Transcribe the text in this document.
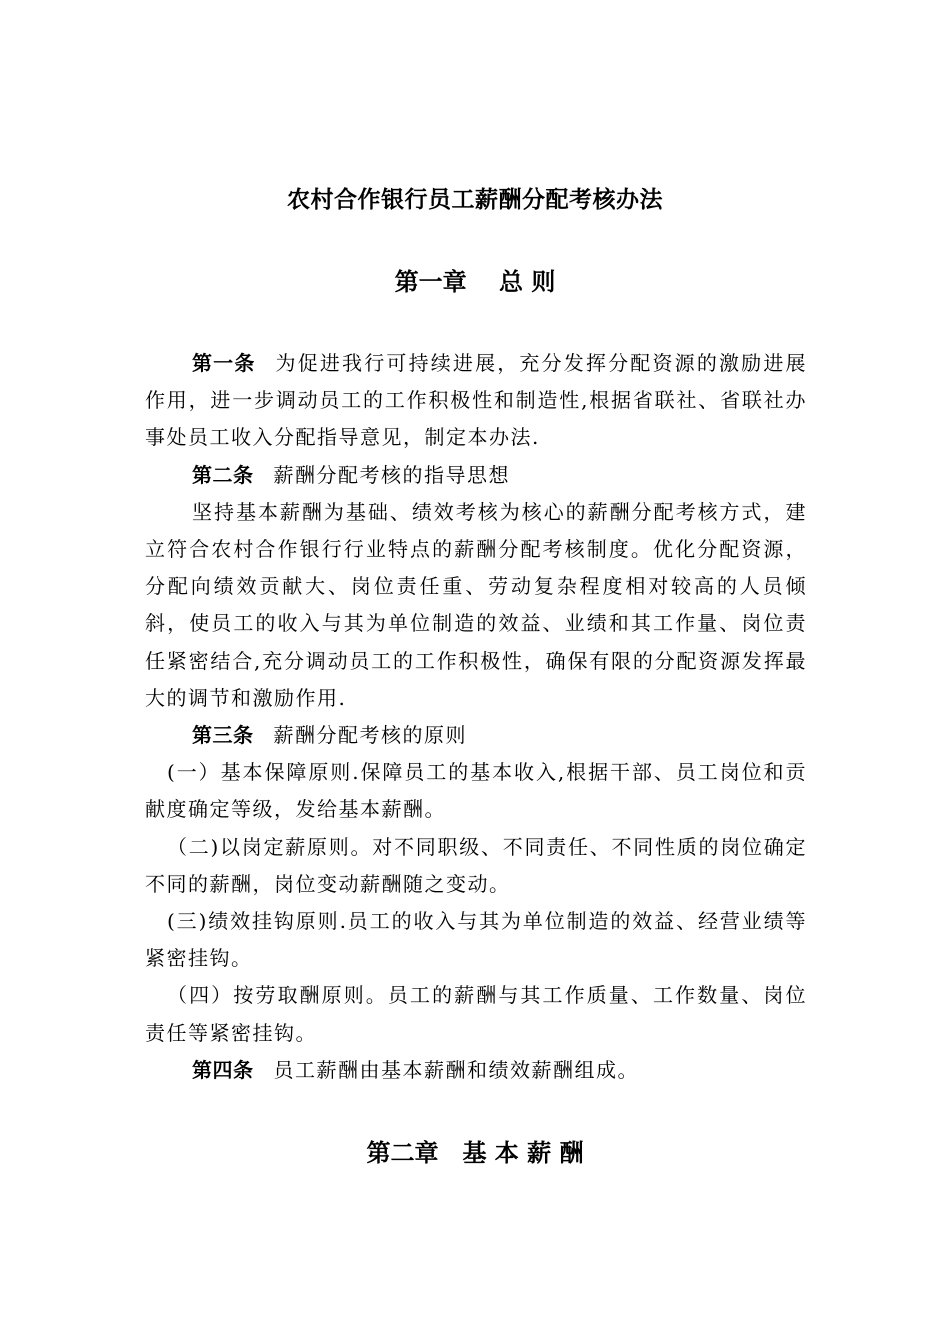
农村合作银行员工薪酬分配考核办法
第一章　 总 则

第一条 为促进我行可持续进展，充分发挥分配资源的激励进展作用，进一步调动员工的工作积极性和制造性,根据省联社、省联社办事处员工收入分配指导意见，制定本办法.

第二条 薪酬分配考核的指导思想

坚持基本薪酬为基础、绩效考核为核心的薪酬分配考核方式，建立符合农村合作银行行业特点的薪酬分配考核制度。优化分配资源，分配向绩效贡献大、岗位责任重、劳动复杂程度相对较高的人员倾斜，使员工的收入与其为单位制造的效益、业绩和其工作量、岗位责任紧密结合,充分调动员工的工作积极性，确保有限的分配资源发挥最大的调节和激励作用.

第三条 薪酬分配考核的原则

(一）基本保障原则.保障员工的基本收入,根据干部、员工岗位和贡献度确定等级，发给基本薪酬。

（二)以岗定薪原则。对不同职级、不同责任、不同性质的岗位确定不同的薪酬，岗位变动薪酬随之变动。

(三)绩效挂钩原则.员工的收入与其为单位制造的效益、经营业绩等紧密挂钩。

（四）按劳取酬原则。员工的薪酬与其工作质量、工作数量、岗位责任等紧密挂钩。

第四条 员工薪酬由基本薪酬和绩效薪酬组成。

第二章　基 本 薪 酬
